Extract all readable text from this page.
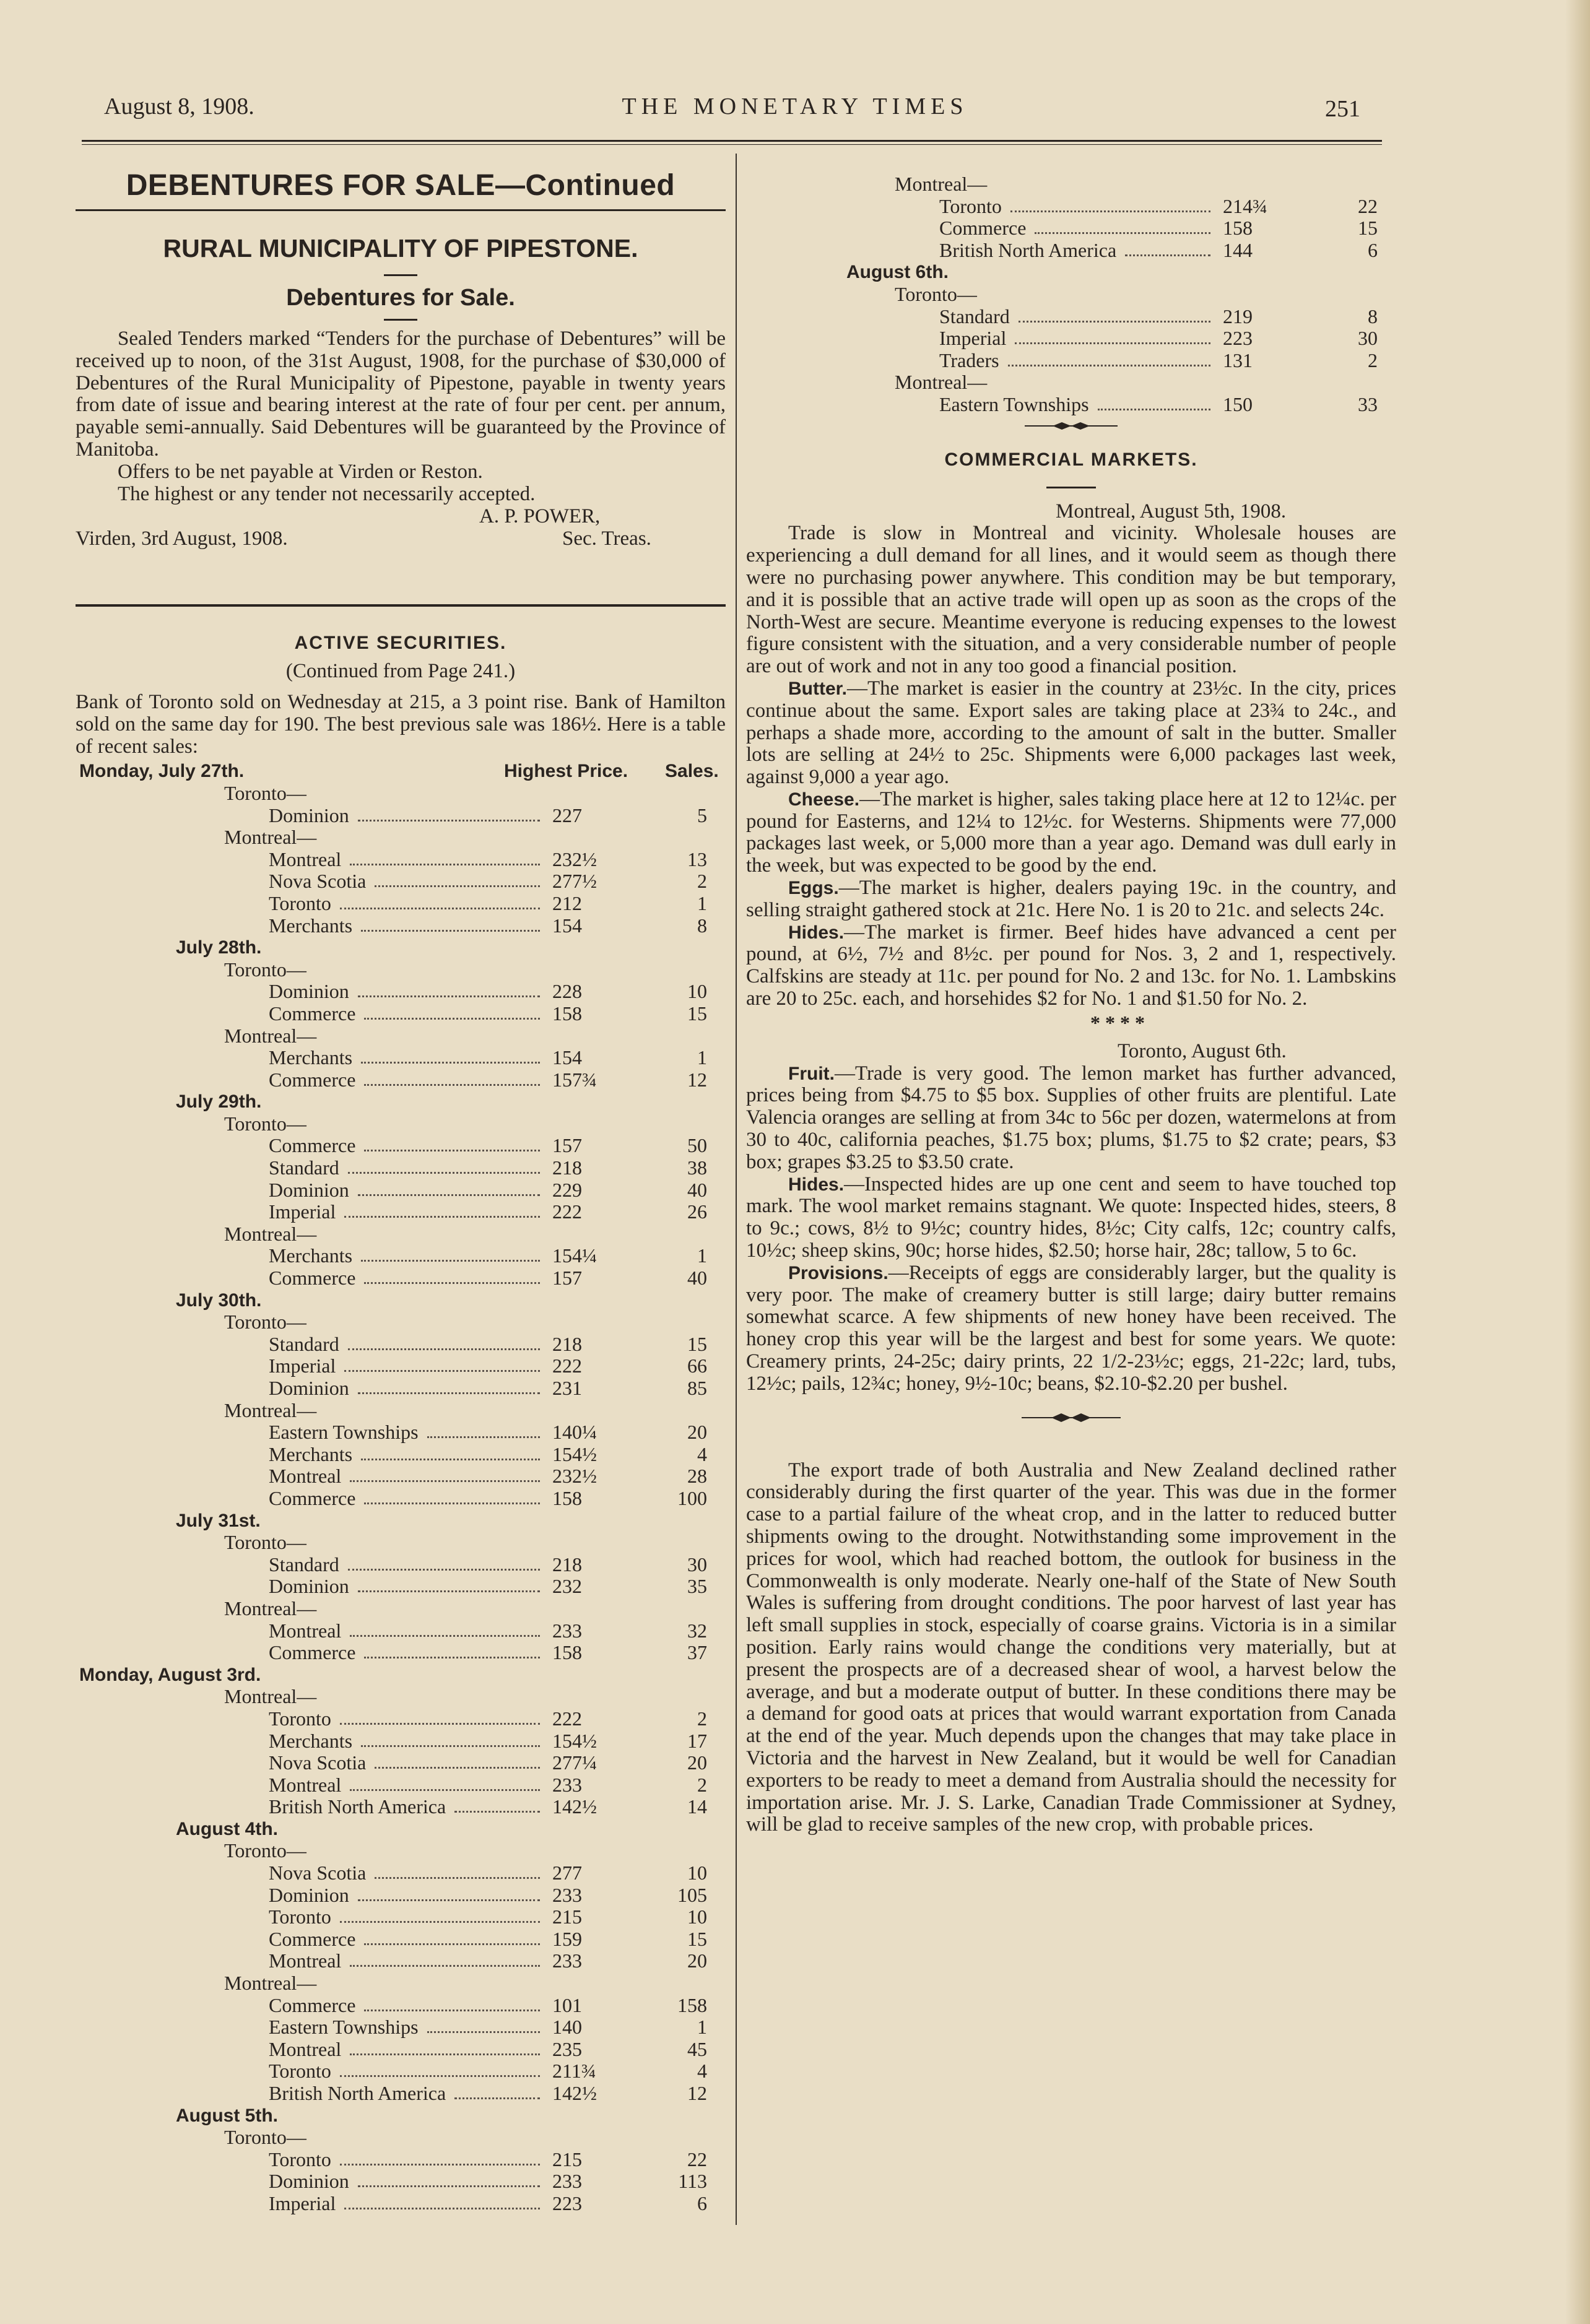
August 8, 1908.	THE MONETARY TIMES	251
DEBENTURES FOR SALE—Continued
RURAL MUNICIPALITY OF PIPESTONE.
Debentures for Sale.

Sealed Tenders marked “Tenders for the purchase of Debentures” will be received up to noon, of the 31st August, 1908, for the purchase of $30,000 of Debentures of the Rural Municipality of Pipestone, payable in twenty years from date of issue and bearing interest at the rate of four per cent. per annum, payable semi-annually. Said Debentures will be guaranteed by the Province of Manitoba.

Offers to be net payable at Virden or Reston.

The highest or any tender not necessarily accepted.

A. P. POWER,
Virden, 3rd August, 1908.	Sec. Treas.
ACTIVE SECURITIES.
(Continued from Page 241.)

Bank of Toronto sold on Wednesday at 215, a 3 point rise. Bank of Hamilton sold on the same day for 190. The best previous sale was 186½. Here is a table of recent sales:

Monday, July 27th.	Highest Price. Sales.
Toronto—
Dominion	227	5
Montreal—
Montreal	232½	13
Nova Scotia	277½	2
Toronto	212	1
Merchants	154	8
July 28th.
Toronto—
Dominion	228	10
Commerce	158	15
Montreal—
Merchants	154	1
Commerce	157¾	12
July 29th.
Toronto—
Commerce	157	50
Standard	218	38
Dominion	229	40
Imperial	222	26
Montreal—
Merchants	154¼	1
Commerce	157	40
July 30th.
Toronto—
Standard	218	15
Imperial	222	66
Dominion	231	85
Montreal—
Eastern Townships	140¼	20
Merchants	154½	4
Montreal	232½	28
Commerce	158	100
July 31st.
Toronto—
Standard	218	30
Dominion	232	35
Montreal—
Montreal	233	32
Commerce	158	37
Monday, August 3rd.
Montreal—
Toronto	222	2
Merchants	154½	17
Nova Scotia	277¼	20
Montreal	233	2
British North America	142½	14
August 4th.
Toronto—
Nova Scotia	277	10
Dominion	233	105
Toronto	215	10
Commerce	159	15
Montreal	233	20
Montreal—
Commerce	101	158
Eastern Townships	140	1
Montreal	235	45
Toronto	211¾	4
British North America	142½	12
August 5th.
Toronto—
Toronto	215	22
Dominion	233	113
Imperial	223	6
Montreal—
Toronto	214¾	22
Commerce	158	15
British North America	144	6
August 6th.
Toronto—
Standard	219	8
Imperial	223	30
Traders	131	2
Montreal—
Eastern Townships	150	33
COMMERCIAL MARKETS.
Montreal, August 5th, 1908.

Trade is slow in Montreal and vicinity. Wholesale houses are experiencing a dull demand for all lines, and it would seem as though there were no purchasing power anywhere. This condition may be but temporary, and it is possible that an active trade will open up as soon as the crops of the North-West are secure. Meantime everyone is reducing expenses to the lowest figure consistent with the situation, and a very considerable number of people are out of work and not in any too good a financial position.

Butter.—The market is easier in the country at 23½c. In the city, prices continue about the same. Export sales are taking place at 23¾ to 24c., and perhaps a shade more, according to the amount of salt in the butter. Smaller lots are selling at 24½ to 25c. Shipments were 6,000 packages last week, against 9,000 a year ago.

Cheese.—The market is higher, sales taking place here at 12 to 12¼c. per pound for Easterns, and 12¼ to 12½c. for Westerns. Shipments were 77,000 packages last week, or 5,000 more than a year ago. Demand was dull early in the week, but was expected to be good by the end.

Eggs.—The market is higher, dealers paying 19c. in the country, and selling straight gathered stock at 21c. Here No. 1 is 20 to 21c. and selects 24c.

Hides.—The market is firmer. Beef hides have advanced a cent per pound, at 6½, 7½ and 8½c. per pound for Nos. 3, 2 and 1, respectively. Calfskins are steady at 11c. per pound for No. 2 and 13c. for No. 1. Lambskins are 20 to 25c. each, and horsehides $2 for No. 1 and $1.50 for No. 2.

* * * *
Toronto, August 6th.

Fruit.—Trade is very good. The lemon market has further advanced, prices being from $4.75 to $5 box. Supplies of other fruits are plentiful. Late Valencia oranges are selling at from 34c to 56c per dozen, watermelons at from 30 to 40c, california peaches, $1.75 box; plums, $1.75 to $2 crate; pears, $3 box; grapes $3.25 to $3.50 crate.

Hides.—Inspected hides are up one cent and seem to have touched top mark. The wool market remains stagnant. We quote: Inspected hides, steers, 8 to 9c.; cows, 8½ to 9½c; country hides, 8½c; City calfs, 12c; country calfs, 10½c; sheep skins, 90c; horse hides, $2.50; horse hair, 28c; tallow, 5 to 6c.

Provisions.—Receipts of eggs are considerably larger, but the quality is very poor. The make of creamery butter is still large; dairy butter remains somewhat scarce. A few shipments of new honey have been received. The honey crop this year will be the largest and best for some years. We quote: Creamery prints, 24-25c; dairy prints, 22 1/2-23½c; eggs, 21-22c; lard, tubs, 12½c; pails, 12¾c; honey, 9½-10c; beans, $2.10-$2.20 per bushel.

The export trade of both Australia and New Zealand declined rather considerably during the first quarter of the year. This was due in the former case to a partial failure of the wheat crop, and in the latter to reduced butter shipments owing to the drought. Notwithstanding some improvement in the prices for wool, which had reached bottom, the outlook for business in the Commonwealth is only moderate. Nearly one-half of the State of New South Wales is suffering from drought conditions. The poor harvest of last year has left small supplies in stock, especially of coarse grains. Victoria is in a similar position. Early rains would change the conditions very materially, but at present the prospects are of a decreased shear of wool, a harvest below the average, and but a moderate output of butter. In these conditions there may be a demand for good oats at prices that would warrant exportation from Canada at the end of the year. Much depends upon the changes that may take place in Victoria and the harvest in New Zealand, but it would be well for Canadian exporters to be ready to meet a demand from Australia should the necessity for importation arise. Mr. J. S. Larke, Canadian Trade Commissioner at Sydney, will be glad to receive samples of the new crop, with probable prices.
